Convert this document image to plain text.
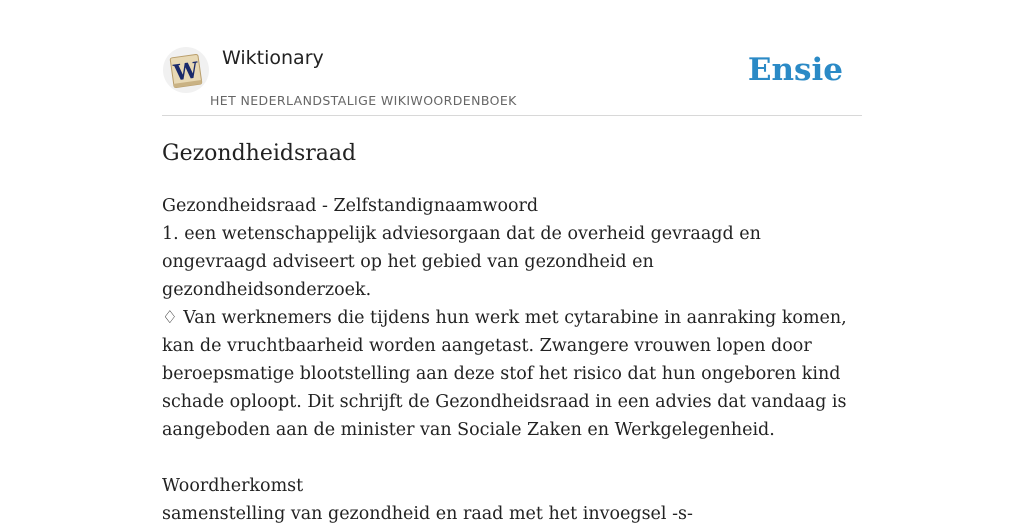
W Wiktionary
HET NEDERLANDSTALIGE WIKIWOORDENBOEK
Ensie
Gezondheidsraad

Gezondheidsraad - Zelfstandignaamwoord

1. een wetenschappelijk adviesorgaan dat de overheid gevraagd en ongevraagd adviseert op het gebied van gezondheid en gezondheidsonderzoek.

♢ Van werknemers die tijdens hun werk met cytarabine in aanraking komen, kan de vruchtbaarheid worden aangetast. Zwangere vrouwen lopen door beroepsmatige blootstelling aan deze stof het risico dat hun ongeboren kind schade oploopt. Dit schrijft de Gezondheidsraad in een advies dat vandaag is aangeboden aan de minister van Sociale Zaken en Werkgelegenheid.

Woordherkomst

samenstelling van gezondheid en raad met het invoegsel -s-
